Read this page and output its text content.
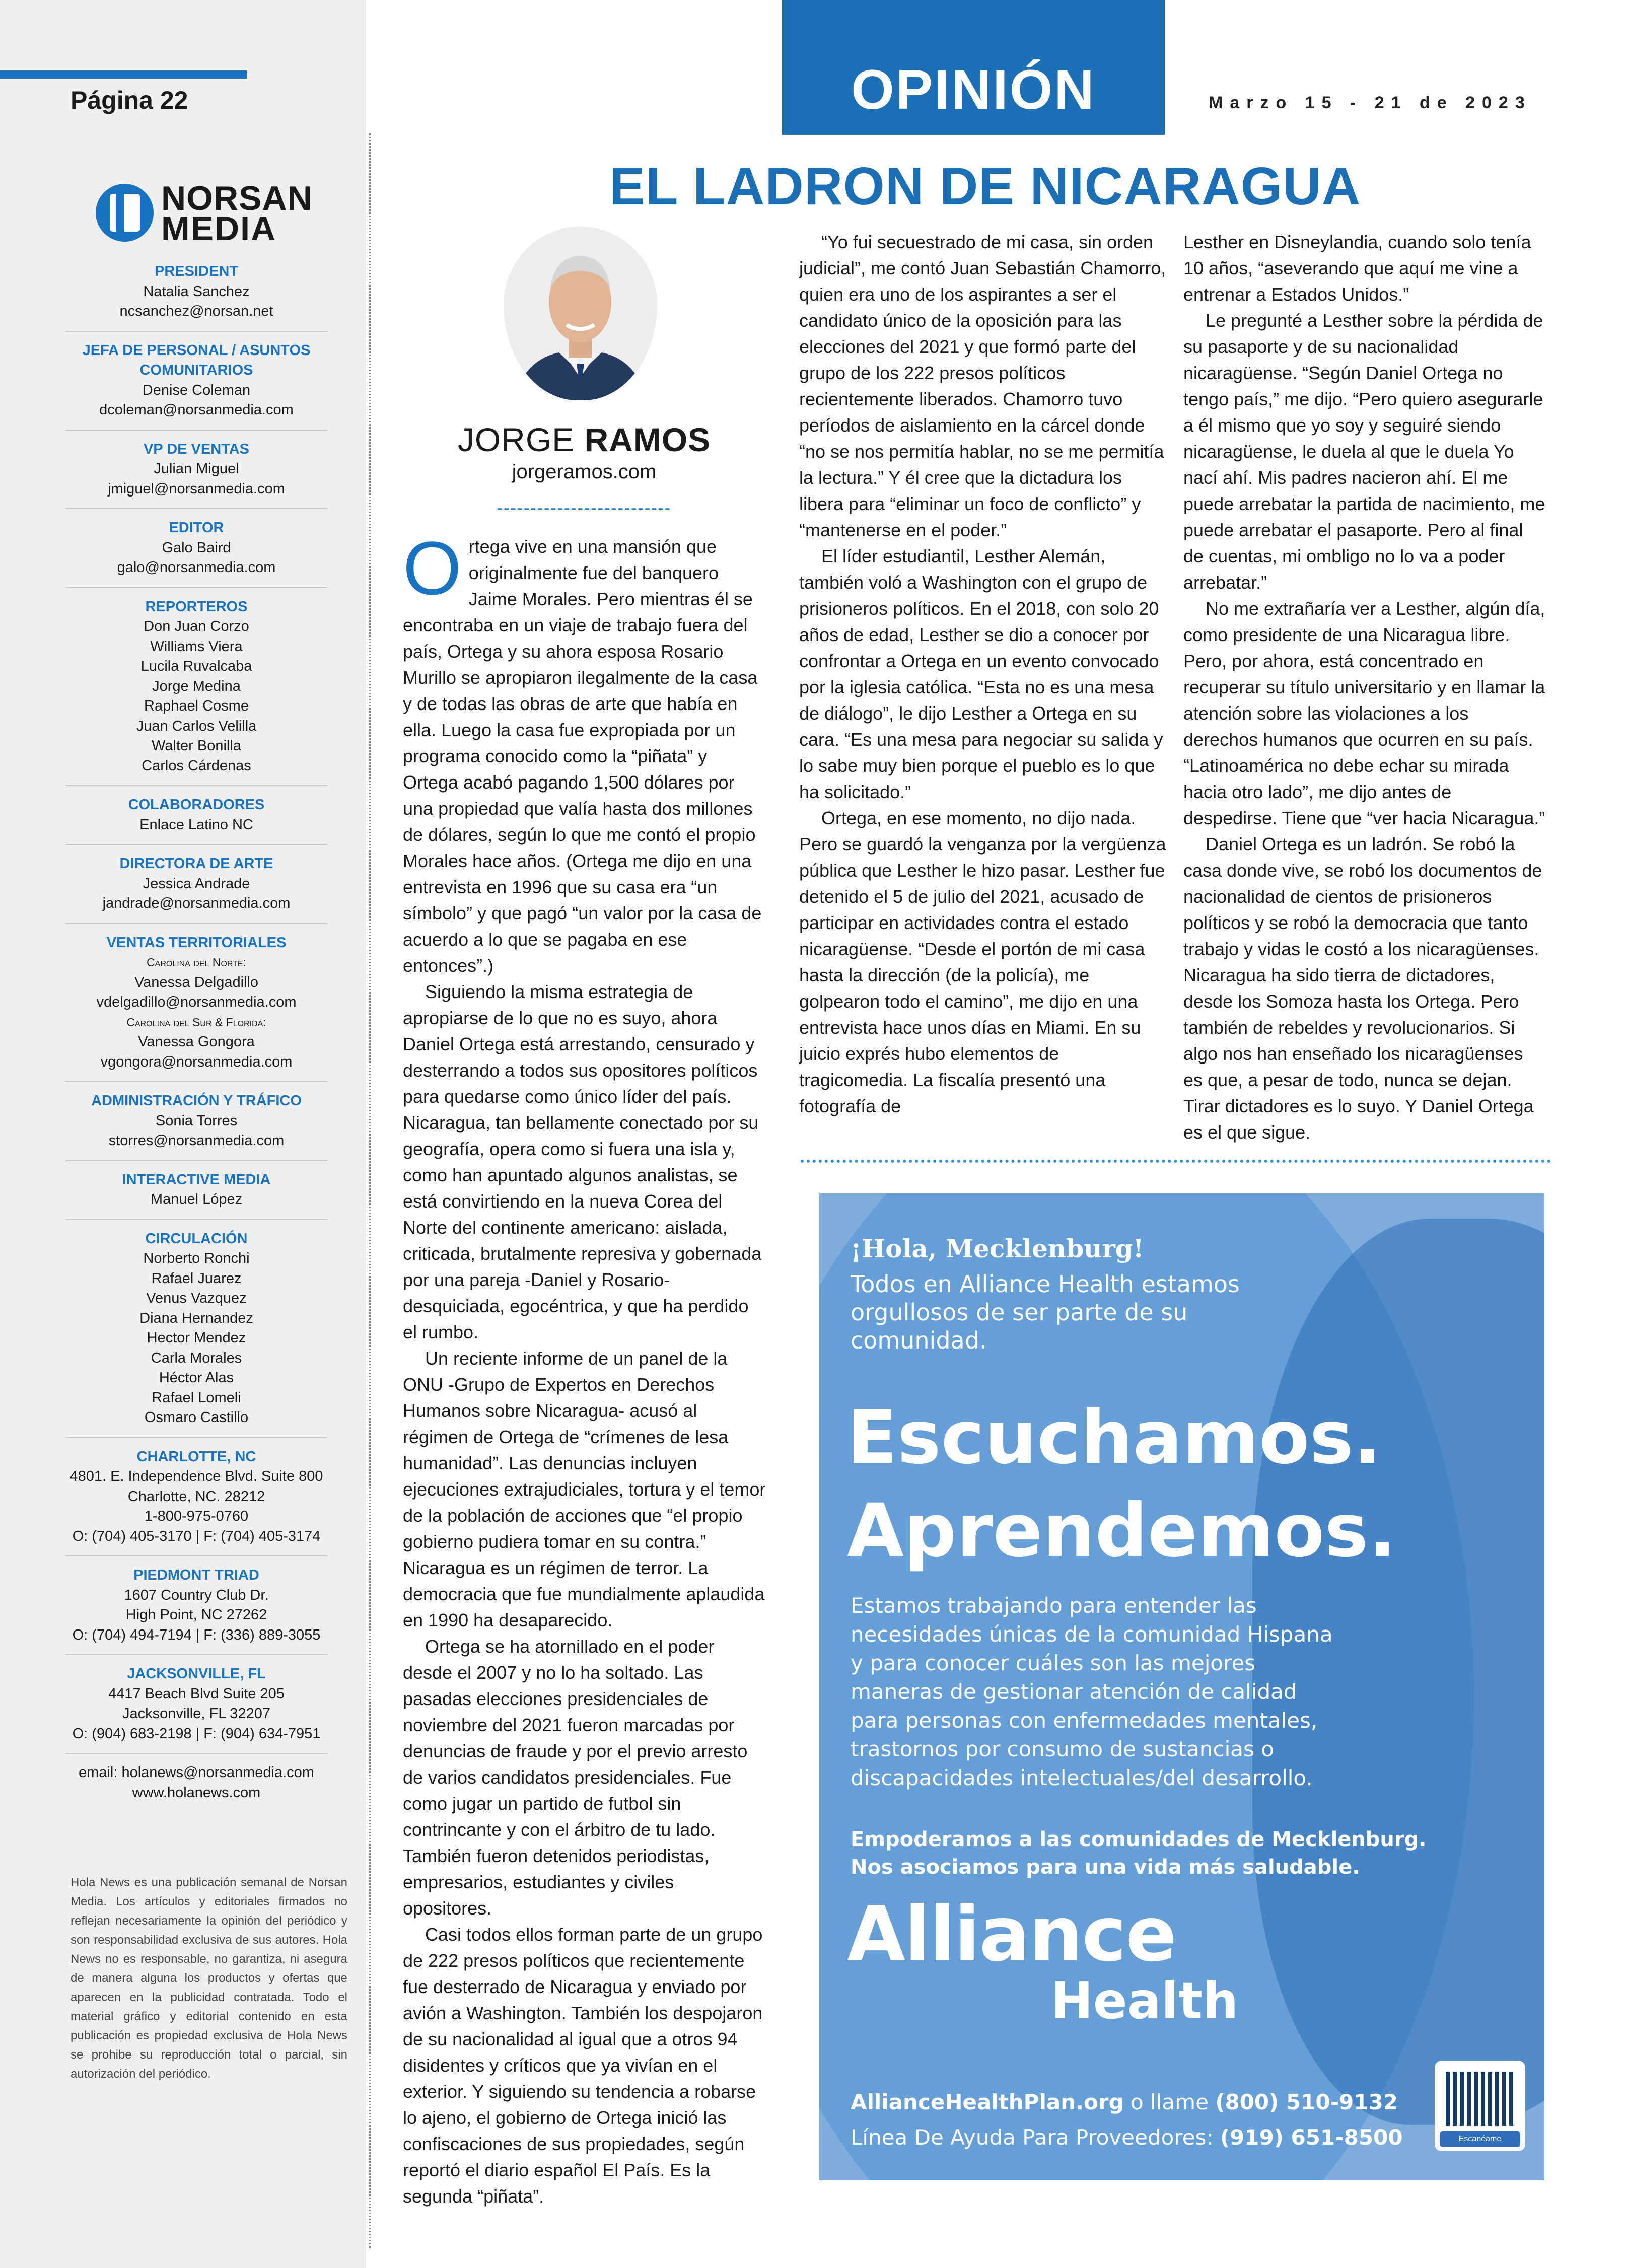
Página 22
NORSAN
MEDIA
PRESIDENT
Natalia Sanchez
ncsanchez@norsan.net
JEFA DE PERSONAL / ASUNTOS COMUNITARIOS
Denise Coleman
dcoleman@norsanmedia.com
VP DE VENTAS
Julian Miguel
jmiguel@norsanmedia.com
EDITOR
Galo Baird
galo@norsanmedia.com
REPORTEROS
Don Juan Corzo
Williams Viera
Lucila Ruvalcaba
Jorge Medina
Raphael Cosme
Juan Carlos Velilla
Walter Bonilla
Carlos Cárdenas
COLABORADORES
Enlace Latino NC
DIRECTORA DE ARTE
Jessica Andrade
jandrade@norsanmedia.com
VENTAS TERRITORIALES
Carolina del Norte:
Vanessa Delgadillo
vdelgadillo@norsanmedia.com
Carolina del Sur & Florida:
Vanessa Gongora
vgongora@norsanmedia.com
ADMINISTRACIÓN Y TRÁFICO
Sonia Torres
storres@norsanmedia.com
INTERACTIVE MEDIA
Manuel López
CIRCULACIÓN
Norberto Ronchi
Rafael Juarez
Venus Vazquez
Diana Hernandez
Hector Mendez
Carla Morales
Héctor Alas
Rafael Lomeli
Osmaro Castillo
CHARLOTTE, NC
4801. E. Independence Blvd. Suite 800
Charlotte, NC. 28212
1-800-975-0760
O: (704) 405-3170 | F: (704) 405-3174
PIEDMONT TRIAD
1607 Country Club Dr.
High Point, NC 27262
O: (704) 494-7194 | F: (336) 889-3055
JACKSONVILLE, FL
4417 Beach Blvd Suite 205
Jacksonville, FL 32207
O: (904) 683-2198 | F: (904) 634-7951
email: holanews@norsanmedia.com
www.holanews.com
Hola News es una publicación semanal de Norsan Media. Los artículos y editoriales firmados no reflejan necesariamente la opinión del periódico y son responsabilidad exclusiva de sus autores. Hola News no es responsable, no garantiza, ni asegura de manera alguna los productos y ofertas que aparecen en la publicidad contratada. Todo el material gráfico y editorial contenido en esta publicación es propiedad exclusiva de Hola News se prohibe su reproducción total o parcial, sin autorización del periódico.
OPINIÓN	Marzo 15 - 21 de 2023
EL LADRON DE NICARAGUA
JORGE RAMOS
jorgeramos.com
--------------------------

Ortega vive en una mansión que originalmente fue del banquero Jaime Morales. Pero mientras él se encontraba en un viaje de trabajo fuera del país, Ortega y su ahora esposa Rosario Murillo se apropiaron ilegalmente de la casa y de todas las obras de arte que había en ella. Luego la casa fue expropiada por un programa conocido como la “piñata” y Ortega acabó pagando 1,500 dólares por una propiedad que valía hasta dos millones de dólares, según lo que me contó el propio Morales hace años. (Ortega me dijo en una entrevista en 1996 que su casa era “un símbolo” y que pagó “un valor por la casa de acuerdo a lo que se pagaba en ese entonces”.)

Siguiendo la misma estrategia de apropiarse de lo que no es suyo, ahora Daniel Ortega está arrestando, censurado y desterrando a todos sus opositores políticos para quedarse como único líder del país. Nicaragua, tan bellamente conectado por su geografía, opera como si fuera una isla y, como han apuntado algunos analistas, se está convirtiendo en la nueva Corea del Norte del continente americano: aislada, criticada, brutalmente represiva y gobernada por una pareja -Daniel y Rosario- desquiciada, egocéntrica, y que ha perdido el rumbo.

Un reciente informe de un panel de la ONU -Grupo de Expertos en Derechos Humanos sobre Nicaragua- acusó al régimen de Ortega de “crímenes de lesa humanidad”. Las denuncias incluyen ejecuciones extrajudiciales, tortura y el temor de la población de acciones que “el propio gobierno pudiera tomar en su contra.” Nicaragua es un régimen de terror. La democracia que fue mundialmente aplaudida en 1990 ha desaparecido.

Ortega se ha atornillado en el poder desde el 2007 y no lo ha soltado. Las pasadas elecciones presidenciales de noviembre del 2021 fueron marcadas por denuncias de fraude y por el previo arresto de varios candidatos presidenciales. Fue como jugar un partido de futbol sin contrincante y con el árbitro de tu lado. También fueron detenidos periodistas, empresarios, estudiantes y civiles opositores.

Casi todos ellos forman parte de un grupo de 222 presos políticos que recientemente fue desterrado de Nicaragua y enviado por avión a Washington. También los despojaron de su nacionalidad al igual que a otros 94 disidentes y críticos que ya vivían en el exterior. Y siguiendo su tendencia a robarse lo ajeno, el gobierno de Ortega inició las confiscaciones de sus propiedades, según reportó el diario español El País. Es la segunda “piñata”.

“Yo fui secuestrado de mi casa, sin orden judicial”, me contó Juan Sebastián Chamorro, quien era uno de los aspirantes a ser el candidato único de la oposición para las elecciones del 2021 y que formó parte del grupo de los 222 presos políticos recientemente liberados. Chamorro tuvo períodos de aislamiento en la cárcel donde “no se nos permitía hablar, no se me permitía la lectura.” Y él cree que la dictadura los libera para “eliminar un foco de conflicto” y “mantenerse en el poder.”

El líder estudiantil, Lesther Alemán, también voló a Washington con el grupo de prisioneros políticos. En el 2018, con solo 20 años de edad, Lesther se dio a conocer por confrontar a Ortega en un evento convocado por la iglesia católica. “Esta no es una mesa de diálogo”, le dijo Lesther a Ortega en su cara. “Es una mesa para negociar su salida y lo sabe muy bien porque el pueblo es lo que ha solicitado.”

Ortega, en ese momento, no dijo nada. Pero se guardó la venganza por la vergüenza pública que Lesther le hizo pasar. Lesther fue detenido el 5 de julio del 2021, acusado de participar en actividades contra el estado nicaragüense. “Desde el portón de mi casa hasta la dirección (de la policía), me golpearon todo el camino”, me dijo en una entrevista hace unos días en Miami. En su juicio exprés hubo elementos de tragicomedia. La fiscalía presentó una fotografía de

Lesther en Disneylandia, cuando solo tenía 10 años, “aseverando que aquí me vine a entrenar a Estados Unidos.”

Le pregunté a Lesther sobre la pérdida de su pasaporte y de su nacionalidad nicaragüense. “Según Daniel Ortega no tengo país,” me dijo. “Pero quiero asegurarle a él mismo que yo soy y seguiré siendo nicaragüense, le duela al que le duela Yo nací ahí. Mis padres nacieron ahí. El me puede arrebatar la partida de nacimiento, me puede arrebatar el pasaporte. Pero al final de cuentas, mi ombligo no lo va a poder arrebatar.”

No me extrañaría ver a Lesther, algún día, como presidente de una Nicaragua libre. Pero, por ahora, está concentrado en recuperar su título universitario y en llamar la atención sobre las violaciones a los derechos humanos que ocurren en su país. “Latinoamérica no debe echar su mirada hacia otro lado”, me dijo antes de despedirse. Tiene que “ver hacia Nicaragua.”

Daniel Ortega es un ladrón. Se robó la casa donde vive, se robó los documentos de nacionalidad de cientos de prisioneros políticos y se robó la democracia que tanto trabajo y vidas le costó a los nicaragüenses. Nicaragua ha sido tierra de dictadores, desde los Somoza hasta los Ortega. Pero también de rebeldes y revolucionarios. Si algo nos han enseñado los nicaragüenses es que, a pesar de todo, nunca se dejan. Tirar dictadores es lo suyo. Y Daniel Ortega es el que sigue.

¡Hola, Mecklenburg!
Todos en Alliance Health estamos orgullosos de ser parte de su comunidad.
Escuchamos.
Aprendemos.
Estamos trabajando para entender las necesidades únicas de la comunidad Hispana y para conocer cuáles son las mejores maneras de gestionar atención de calidad para personas con enfermedades mentales, trastornos por consumo de sustancias o discapacidades intelectuales/del desarrollo.
Empoderamos a las comunidades de Mecklenburg.
Nos asociamos para una vida más saludable.
Alliance
Health
AllianceHealthPlan.org o llame (800) 510-9132
Línea De Ayuda Para Proveedores: (919) 651-8500	Escanéame
